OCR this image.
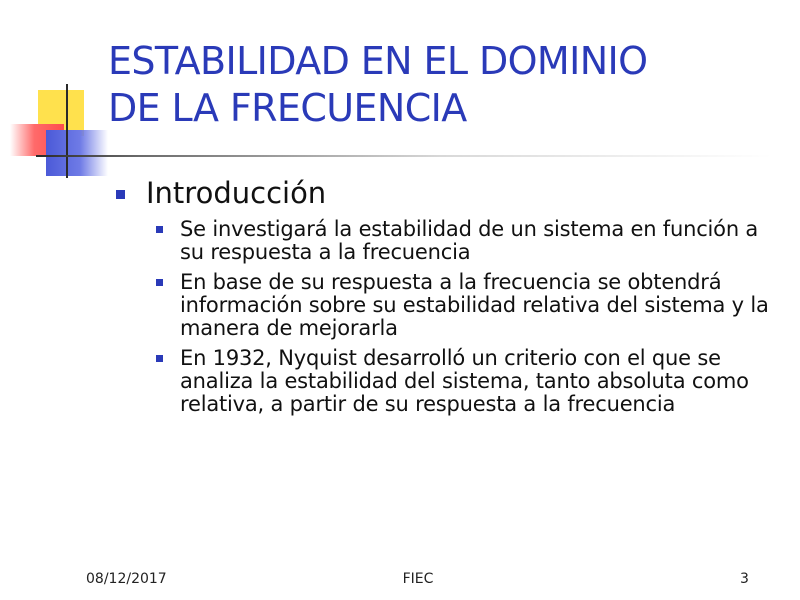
ESTABILIDAD EN EL DOMINIO
DE LA FRECUENCIA
Introducción
Se investigará la estabilidad de un sistema en función a su respuesta a la frecuencia
En base de su respuesta a la frecuencia se obtendrá información sobre su estabilidad relativa del sistema y la manera de mejorarla
En 1932, Nyquist desarrolló un criterio con el que se analiza la estabilidad del sistema, tanto absoluta como relativa, a partir de su respuesta a la frecuencia
08/12/2017	FIEC	3
